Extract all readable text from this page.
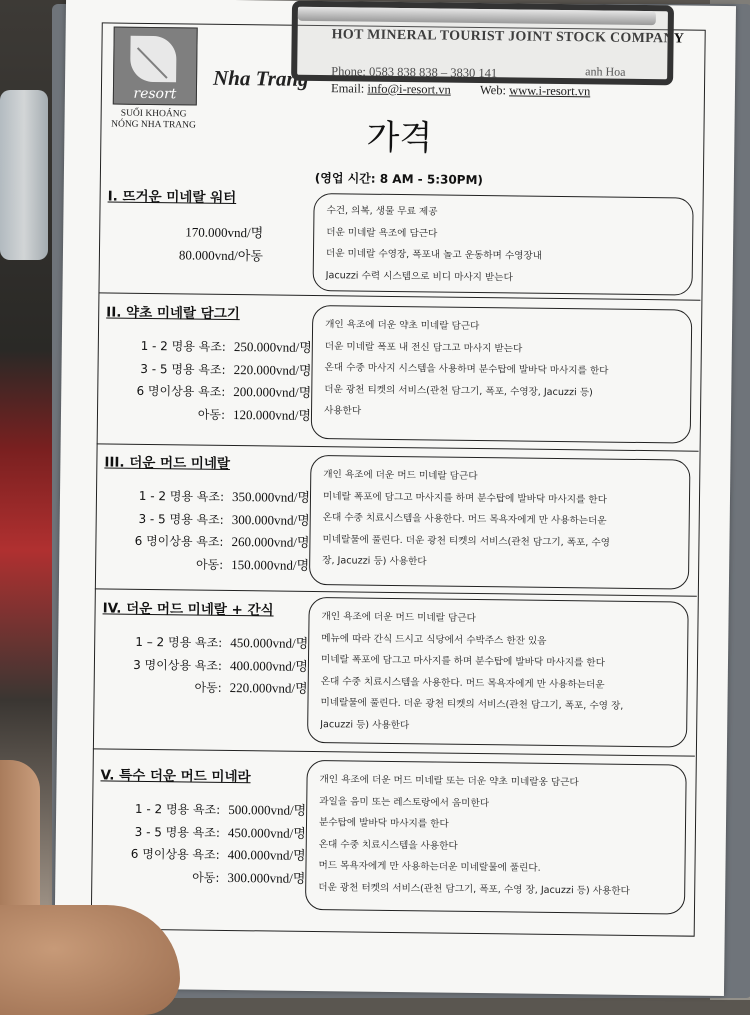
resort
SUỐI KHOÁNG
NÓNG NHA TRANG
Nha Trang
HOT MINERAL TOURIST JOINT STOCK COMPANY
anh Hoa
Phone: 0583 838 838 – 3830 141
Email: info@i-resort.vn Web: www.i-resort.vn
가격
(영업 시간: 8 AM - 5:30PM)
I. 뜨거운 미네랄 워터
170.000vnd/명
80.000vnd/아동
수건, 의복, 생물 무료 제공
더운 미네랄 욕조에 담근다
더운 미네랄 수영장, 폭포내 놀고 운동하며 수영장내
Jacuzzi 수력 시스템으로 비디 마사지 받는다
II. 약초 미네랄 담그기
1 - 2 명용 욕조: 250.000vnd/명
3 - 5 명용 욕조: 220.000vnd/명
6 명이상용 욕조: 200.000vnd/명
아동: 120.000vnd/명
개인 욕조에 더운 약초 미네랄 담근다
더운 미네랄 폭포 내 전신 담그고 마사지 받는다
온대 수중 마사지 시스템을 사용하며 분수탑에 발바닥 마사지를 한다
더운 광천 티켓의 서비스(관천 담그기, 폭포, 수영장, Jacuzzi 등)
사용한다
III. 더운 머드 미네랄
1 - 2 명용 욕조: 350.000vnd/명
3 - 5 명용 욕조: 300.000vnd/명
6 명이상용 욕조: 260.000vnd/명
아동: 150.000vnd/명
개인 욕조에 더운 머드 미네랄 담근다
미네랄 폭포에 담그고 마사지를 하며 분수탑에 발바닥 마사지를 한다
온대 수중 치료시스템을 사용한다. 머드 목욕자에게 만 사용하는더운
미네랄물에 풀린다. 더운 광천 티켓의 서비스(관천 담그기, 폭포, 수영
장, Jacuzzi 등) 사용한다
IV. 더운 머드 미네랄 + 간식
1 – 2 명용 욕조: 450.000vnd/명
3 명이상용 욕조: 400.000vnd/명
아동: 220.000vnd/명
개인 욕조에 더운 머드 미네랄 담근다
메뉴에 따라 간식 드시고 식당에서 수박주스 한잔 있음
미네랄 폭포에 담그고 마사지를 하며 분수탑에 발바닥 마사지를 한다
온대 수중 치료시스템을 사용한다. 머드 목욕자에게 만 사용하는더운
미네랄물에 풀린다. 더운 광천 티켓의 서비스(관천 담그기, 폭포, 수영 장,
Jacuzzi 등) 사용한다
V. 특수 더운 머드 미네라
1 - 2 명용 욕조: 500.000vnd/명
3 - 5 명용 욕조: 450.000vnd/명
6 명이상용 욕조: 400.000vnd/명
아동: 300.000vnd/명
개인 욕조에 더운 머드 미네랄 또는 더운 약초 미네랄옹 담근다
과일을 음미 또는 레스토랑에서 음미한다
분수탑에 발바닥 마사지를 한다
온대 수중 치료시스템을 사용한다
머드 목욕자에게 만 사용하는더운 미네랄물에 풀린다.
더운 광천 터켓의 서비스(관천 담그기, 폭포, 수영 장, Jacuzzi 등) 사용한다
